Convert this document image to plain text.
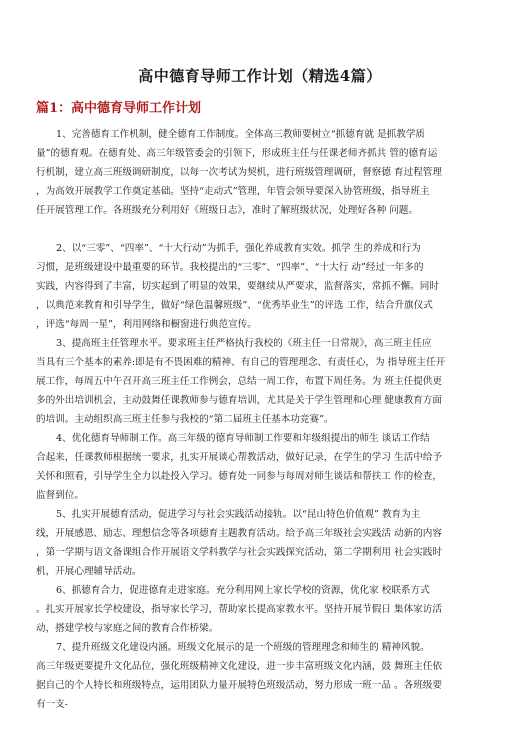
高中德育导师工作计划（精选4篇）
篇1：高中德育导师工作计划
1、完善德育工作机制，健全德育工作制度。全体高三教师要树立“抓德育就 是抓教学质
量”的德育观。在德育处、高三年级管委会的引领下，形成班主任与任课老师齐抓共 管的德育运
行机制，建立高三班级调研制度，以每一次考试为契机，进行班级管理调研，督察德 育过程管理
，为高效开展教学工作奠定基础。坚持“走动式”管理，年管会领导要深入协管班级，指导班主
任开展管理工作。各班级充分利用好《班级日志》，准时了解班级状况，处理好各种 问题。
2、以“三零”、“四率”、“十大行动”为抓手，强化养成教育实效。抓学 生的养成和行为
习惯，是班级建设中最重要的环节。我校提出的“三零”、“四率”、“十大行 动”经过一年多的
实践，内容得到了丰富，切实起到了明显的效果，要继续从严要求，监督落实，常抓不懈。同时
，以典范来教育和引导学生，做好“绿色温馨班级”、“优秀毕业生”的评选 工作，结合升旗仪式
，评选“每周一星”，利用网络和橱窗进行典范宣传。
3、提高班主任管理水平。要求班主任严格执行我校的《班主任一日常规》，高三班主任应
当具有三个基本的素养:即是有不畏困难的精神、有自己的管理理念、有责任心，为 指导班主任开
展工作，每周五中午召开高三班主任工作例会，总结一周工作，布置下周任务。为 班主任提供更
多的外出培训机会，主动鼓舞任课教师参与德育培训，尤其是关于学生管理和心理 健康教育方面
的培训。主动组织高三班主任参与我校的“第二届班主任基本功竞赛”。
4、优化德育导师制工作。高三年级的德育导师制工作要和年级组提出的师生 谈话工作结
合起来，任课教师根据统一要求，扎实开展谈心帮教活动，做好记录，在学生的学习 生活中给予
关怀和照看，引导学生全力以赴投入学习。德育处一同参与每周对师生谈话和帮扶工 作的检查，
监督到位。
5、扎实开展德育活动，促进学习与社会实践活动接轨。以“昆山特色价值观” 教育为主
线，开展感恩、励志、理想信念等各项德育主题教育活动。给予高三年级社会实践活 动新的内容
，第一学期与语文备课组合作开展语文学科教学与社会实践探究活动，第二学期利用 社会实践时
机，开展心理辅导活动。
6、抓德育合力，促进德育走进家庭。充分利用网上家长学校的资源，优化家 校联系方式
。扎实开展家长学校建设，指导家长学习，帮助家长提高家教水平。坚持开展节假日 集体家访活
动，搭建学校与家庭之间的教育合作桥梁。
7、提升班级文化建设内涵。班级文化展示的是一个班级的管理理念和师生的 精神风貌。
高三年级更要提升文化品位，强化班级精神文化建设，进一步丰富班级文化内涵，鼓 舞班主任依
据自己的个人特长和班级特点，运用团队力量开展特色班级活动，努力形成一班一品 。各班级要
有一支-
